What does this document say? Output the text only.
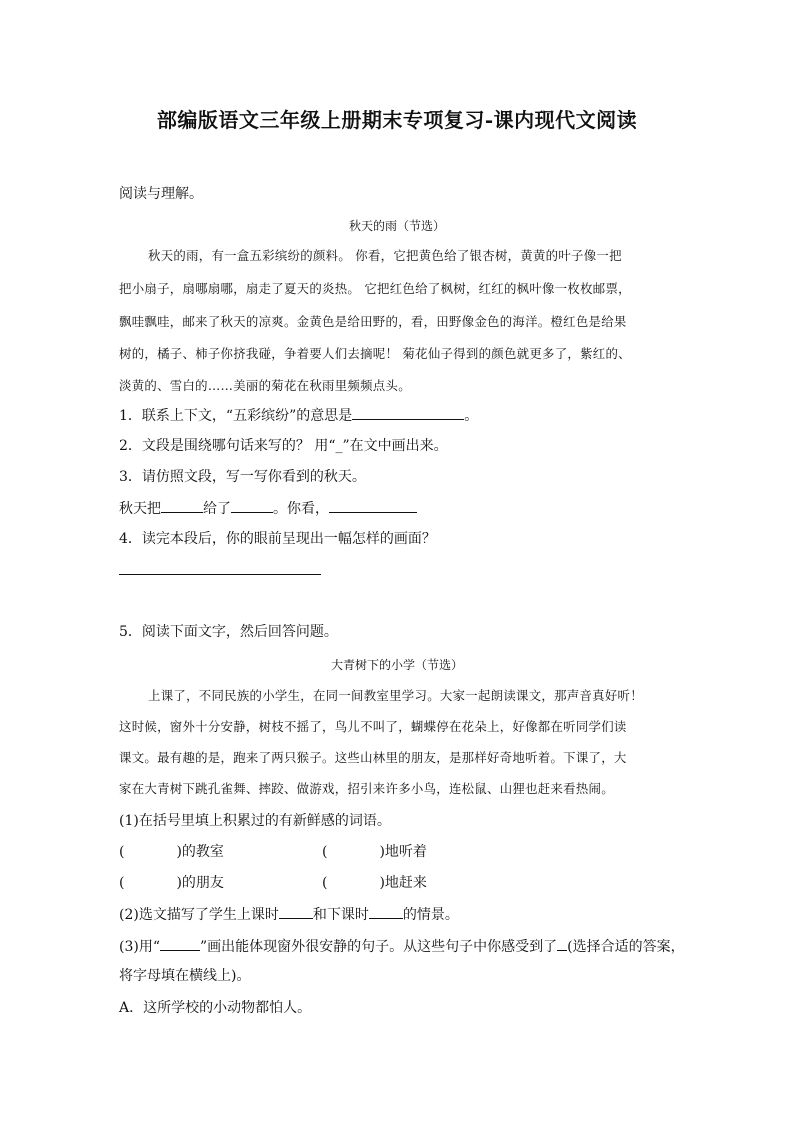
部编版语文三年级上册期末专项复习-课内现代文阅读
阅读与理解。
秋天的雨（节选）
秋天的雨，有一盒五彩缤纷的颜料。 你看，它把黄色给了银杏树，黄黄的叶子像一把
把小扇子，扇哪扇哪，扇走了夏天的炎热。 它把红色给了枫树，红红的枫叶像一枚枚邮票，
飘哇飘哇，邮来了秋天的凉爽。金黄色是给田野的，看，田野像金色的海洋。橙红色是给果
树的，橘子、柿子你挤我碰，争着要人们去摘呢！ 菊花仙子得到的颜色就更多了，紫红的、
淡黄的、雪白的……美丽的菊花在秋雨里频频点头。
1．联系上下文，“五彩缤纷”的意思是	。
2．文段是围绕哪句话来写的？ 用“_”在文中画出来。
3．请仿照文段，写一写你看到的秋天。
秋天把	给了	。你看，
4．读完本段后，你的眼前呈现出一幅怎样的画面？
5．阅读下面文字，然后回答问题。
大青树下的小学（节选）
上课了，不同民族的小学生，在同一间教室里学习。大家一起朗读课文，那声音真好听！
这时候，窗外十分安静，树枝不摇了，鸟儿不叫了，蝴蝶停在花朵上，好像都在听同学们读
课文。最有趣的是，跑来了两只猴子。这些山林里的朋友，是那样好奇地听着。下课了，大
家在大青树下跳孔雀舞、摔跤、做游戏，招引来许多小鸟，连松鼠、山狸也赶来看热闹。
(1)在括号里填上积累过的有新鲜感的词语。
(	)的教室	(	)地听着
(	)的朋友	(	)地赶来
(2)选文描写了学生上课时 和下课时 的情景。
(3)用“	”画出能体现窗外很安静的句子。从这些句子中你感受到了 (选择合适的答案，
将字母填在横线上)。
A．这所学校的小动物都怕人。
